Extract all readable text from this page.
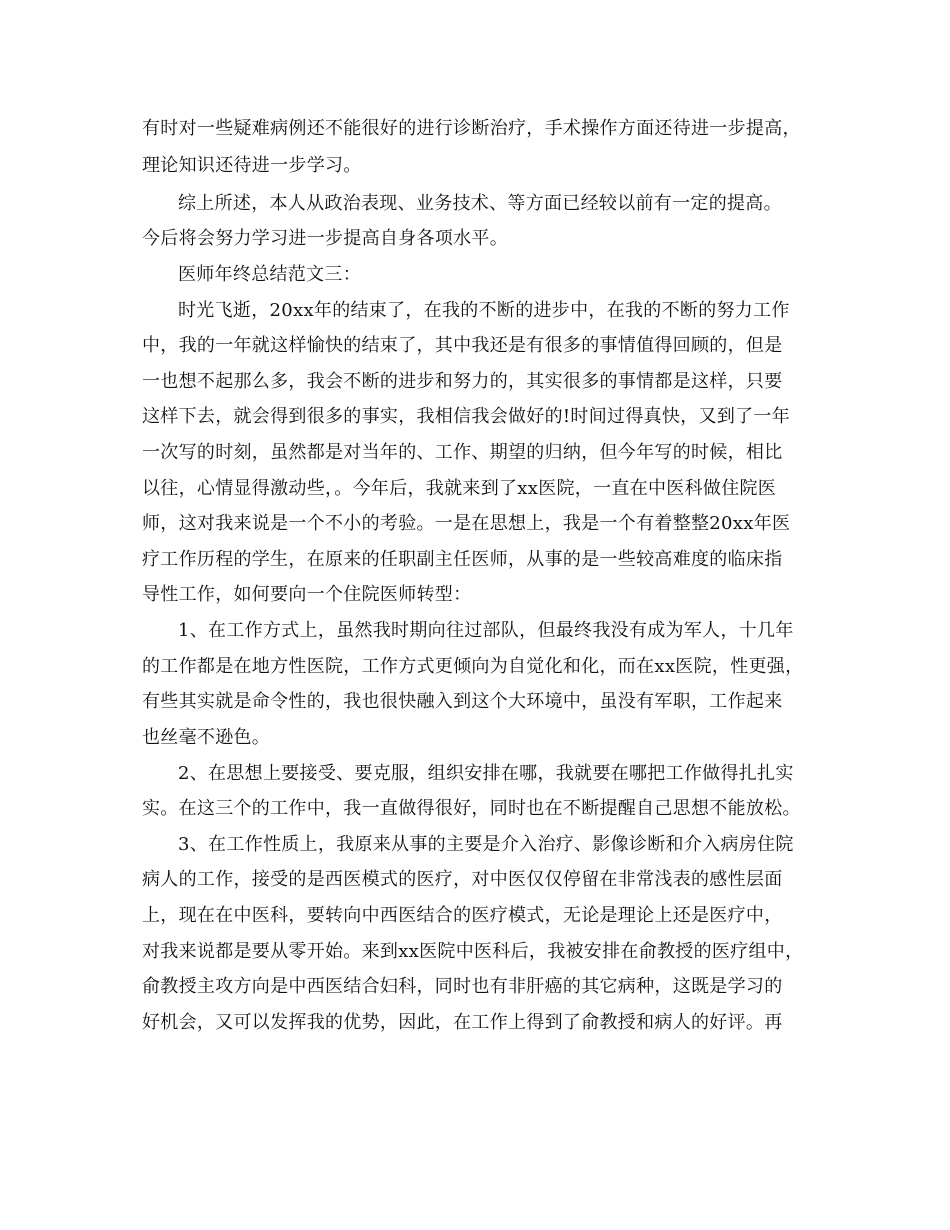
有时对一些疑难病例还不能很好的进行诊断治疗，手术操作方面还待进一步提高，
理论知识还待进一步学习。
综上所述，本人从政治表现、业务技术、等方面已经较以前有一定的提高。
今后将会努力学习进一步提高自身各项水平。
医师年终总结范文三：
时光飞逝，20xx年的结束了，在我的不断的进步中，在我的不断的努力工作
中，我的一年就这样愉快的结束了，其中我还是有很多的事情值得回顾的，但是
一也想不起那么多，我会不断的进步和努力的，其实很多的事情都是这样，只要
这样下去，就会得到很多的事实，我相信我会做好的!时间过得真快，又到了一年
一次写的时刻，虽然都是对当年的、工作、期望的归纳，但今年写的时候，相比
以往，心情显得激动些，。今年后，我就来到了xx医院，一直在中医科做住院医
师，这对我来说是一个不小的考验。一是在思想上，我是一个有着整整20xx年医
疗工作历程的学生，在原来的任职副主任医师，从事的是一些较高难度的临床指
导性工作，如何要向一个住院医师转型：
1、在工作方式上，虽然我时期向往过部队，但最终我没有成为军人，十几年
的工作都是在地方性医院，工作方式更倾向为自觉化和化，而在xx医院，性更强，
有些其实就是命令性的，我也很快融入到这个大环境中，虽没有军职，工作起来
也丝毫不逊色。
2、在思想上要接受、要克服，组织安排在哪，我就要在哪把工作做得扎扎实
实。在这三个的工作中，我一直做得很好，同时也在不断提醒自己思想不能放松。
3、在工作性质上，我原来从事的主要是介入治疗、影像诊断和介入病房住院
病人的工作，接受的是西医模式的医疗，对中医仅仅停留在非常浅表的感性层面
上，现在在中医科，要转向中西医结合的医疗模式，无论是理论上还是医疗中，
对我来说都是要从零开始。来到xx医院中医科后，我被安排在俞教授的医疗组中，
俞教授主攻方向是中西医结合妇科，同时也有非肝癌的其它病种，这既是学习的
好机会，又可以发挥我的优势，因此，在工作上得到了俞教授和病人的好评。再
